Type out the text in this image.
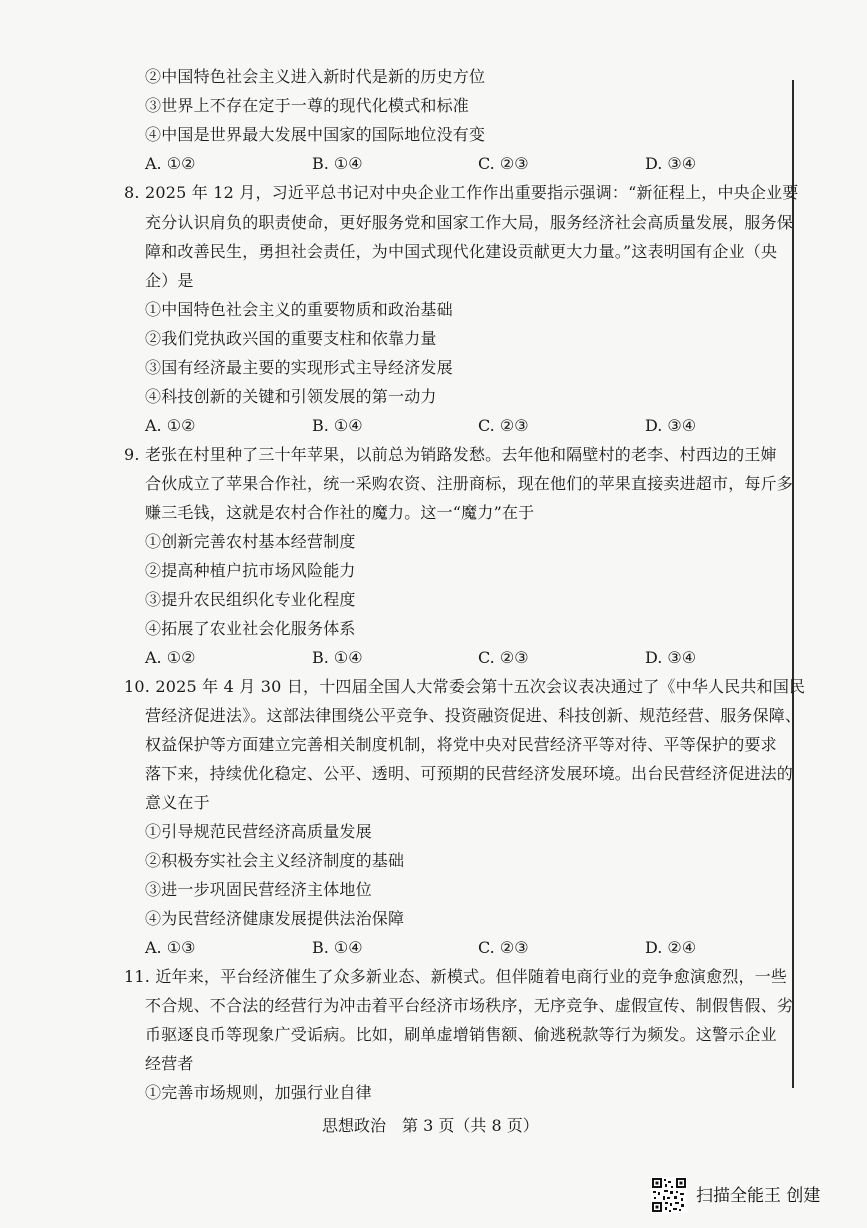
②中国特色社会主义进入新时代是新的历史方位
③世界上不存在定于一尊的现代化模式和标准
④中国是世界最大发展中国家的国际地位没有变
A. ①②	B. ①④	C. ②③	D. ③④
8. 2025 年 12 月，习近平总书记对中央企业工作作出重要指示强调：“新征程上，中央企业要
充分认识肩负的职责使命，更好服务党和国家工作大局，服务经济社会高质量发展，服务保
障和改善民生，勇担社会责任，为中国式现代化建设贡献更大力量。”这表明国有企业（央
企）是
①中国特色社会主义的重要物质和政治基础
②我们党执政兴国的重要支柱和依靠力量
③国有经济最主要的实现形式主导经济发展
④科技创新的关键和引领发展的第一动力
A. ①②	B. ①④	C. ②③	D. ③④
9. 老张在村里种了三十年苹果，以前总为销路发愁。去年他和隔壁村的老李、村西边的王婶
合伙成立了苹果合作社，统一采购农资、注册商标，现在他们的苹果直接卖进超市，每斤多
赚三毛钱，这就是农村合作社的魔力。这一“魔力”在于
①创新完善农村基本经营制度
②提高种植户抗市场风险能力
③提升农民组织化专业化程度
④拓展了农业社会化服务体系
A. ①②	B. ①④	C. ②③	D. ③④
10. 2025 年 4 月 30 日，十四届全国人大常委会第十五次会议表决通过了《中华人民共和国民
营经济促进法》。这部法律围绕公平竞争、投资融资促进、科技创新、规范经营、服务保障、
权益保护等方面建立完善相关制度机制，将党中央对民营经济平等对待、平等保护的要求
落下来，持续优化稳定、公平、透明、可预期的民营经济发展环境。出台民营经济促进法的
意义在于
①引导规范民营经济高质量发展
②积极夯实社会主义经济制度的基础
③进一步巩固民营经济主体地位
④为民营经济健康发展提供法治保障
A. ①③	B. ①④	C. ②③	D. ②④
11. 近年来，平台经济催生了众多新业态、新模式。但伴随着电商行业的竞争愈演愈烈，一些
不合规、不合法的经营行为冲击着平台经济市场秩序，无序竞争、虚假宣传、制假售假、劣
币驱逐良币等现象广受诟病。比如，刷单虚增销售额、偷逃税款等行为频发。这警示企业
经营者
①完善市场规则，加强行业自律
思想政治　第 3 页（共 8 页）
扫描全能王 创建
